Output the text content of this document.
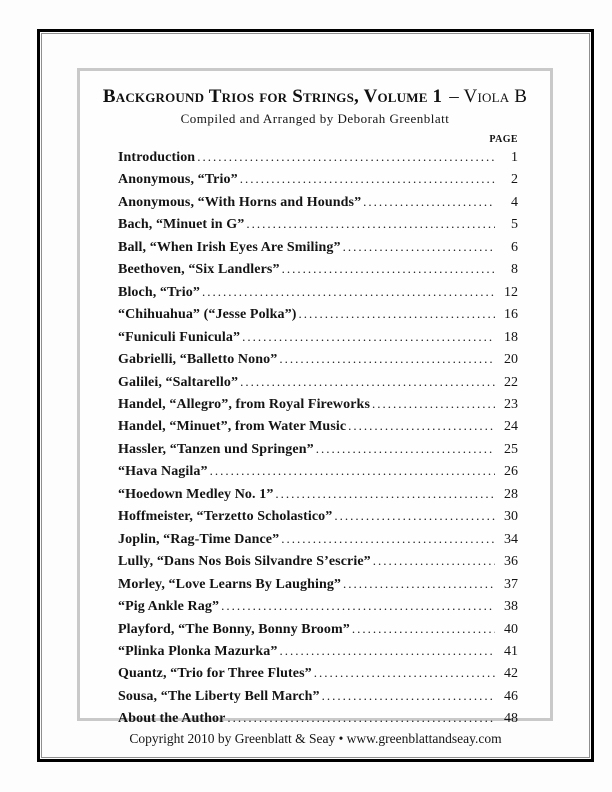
Background Trios for Strings, Volume 1 – Viola B
Compiled and Arranged by Deborah Greenblatt
PAGE
Introduction .....	1
Anonymous, “Trio” .....	2
Anonymous, “With Horns and Hounds” .....	4
Bach, “Minuet in G” .....	5
Ball, “When Irish Eyes Are Smiling” .....	6
Beethoven, “Six Landlers” .....	8
Bloch, “Trio” .....	12
“Chihuahua” (“Jesse Polka”) .....	16
“Funiculi Funicula” .....	18
Gabrielli, “Balletto Nono” .....	20
Galilei, “Saltarello” .....	22
Handel, “Allegro”, from Royal Fireworks .....	23
Handel, “Minuet”, from Water Music .....	24
Hassler, “Tanzen und Springen” .....	25
“Hava Nagila” .....	26
“Hoedown Medley No. 1” .....	28
Hoffmeister, “Terzetto Scholastico” .....	30
Joplin, “Rag-Time Dance” .....	34
Lully, “Dans Nos Bois Silvandre S’escrie” .....	36
Morley, “Love Learns By Laughing” .....	37
“Pig Ankle Rag” .....	38
Playford, “The Bonny, Bonny Broom” .....	40
“Plinka Plonka Mazurka” .....	41
Quantz, “Trio for Three Flutes” .....	42
Sousa, “The Liberty Bell March” .....	46
About the Author .....	48
Copyright 2010 by Greenblatt & Seay • www.greenblattandseay.com
